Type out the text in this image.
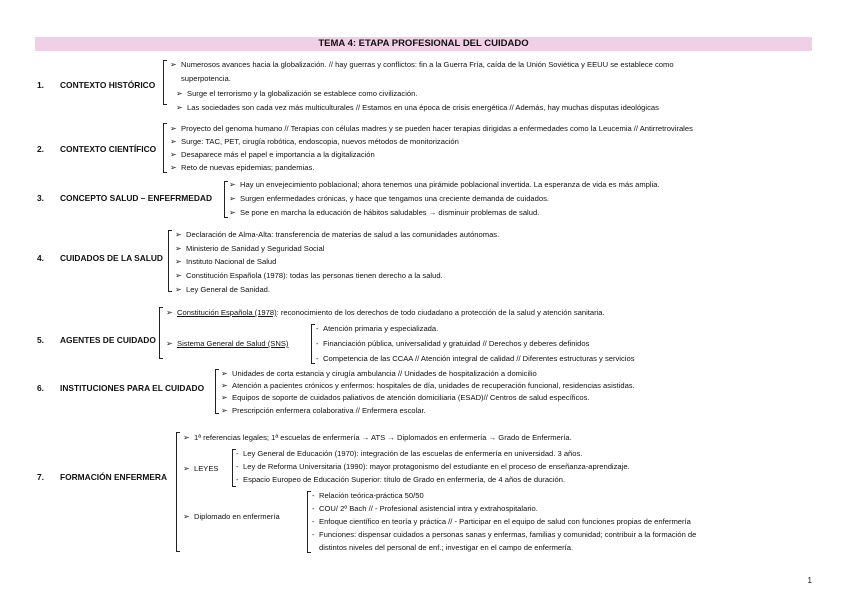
TEMA 4: ETAPA PROFESIONAL DEL CUIDADO
1. CONTEXTO HISTÓRICO
➢ Numerosos avances hacia la globalización. // hay guerras y conflictos: fin a la Guerra Fría, caída de la Unión Soviética y EEUU se establece como
superpotencia.
➢ Surge el terrorismo y la globalización se establece como civilización.
➢ Las sociedades son cada vez más multiculturales // Estamos en una época de crisis energética // Además, hay muchas disputas ideológicas
2. CONTEXTO CIENTÍFICO
➢ Proyecto del genoma humano // Terapias con células madres y se pueden hacer terapias dirigidas a enfermedades como la Leucemia // Antirretrovirales
➢ Surge: TAC, PET, cirugía robótica, endoscopia, nuevos métodos de monitorización
➢ Desaparece más el papel e importancia a la digitalización
➢ Reto de nuevas epidemias; pandemias.
3. CONCEPTO SALUD – ENFEFRMEDAD
➢ Hay un envejecimiento poblacional; ahora tenemos una pirámide poblacional invertida. La esperanza de vida es más amplia.
➢ Surgen enfermedades crónicas, y hace que tengamos una creciente demanda de cuidados.
➢ Se pone en marcha la educación de hábitos saludables → disminuir problemas de salud.
4. CUIDADOS DE LA SALUD
➢ Declaración de Alma-Alta: transferencia de materias de salud a las comunidades autónomas.
➢ Ministerio de Sanidad y Seguridad Social
➢ Instituto Nacional de Salud
➢ Constitución Española (1978): todas las personas tienen derecho a la salud.
➢ Ley General de Sanidad.
5. AGENTES DE CUIDADO
➢ Constitución Española (1978): reconocimiento de los derechos de todo ciudadano a protección de la salud y atención sanitaria.
➢ Sistema General de Salud (SNS)
- Atención primaria y especializada.
- Financiación pública, universalidad y gratuidad // Derechos y deberes definidos
- Competencia de las CCAA // Atención integral de calidad // Diferentes estructuras y servicios
6. INSTITUCIONES PARA EL CUIDADO
➢ Unidades de corta estancia y cirugía ambulancia // Unidades de hospitalización a domicilio
➢ Atención a pacientes crónicos y enfermos: hospitales de día, unidades de recuperación funcional, residencias asistidas.
➢ Equipos de soporte de cuidados paliativos de atención domiciliaria (ESAD)// Centros de salud específicos.
➢ Prescripción enfermera colaborativa // Enfermera escolar.
7. FORMACIÓN ENFERMERA
➢ 1ª referencias legales; 1ª escuelas de enfermería → ATS → Diplomados en enfermería → Grado de Enfermería.
➢ LEYES
- Ley General de Educación (1970): integración de las escuelas de enfermería en universidad. 3 años.
- Ley de Reforma Universitaria (1990): mayor protagonismo del estudiante en el proceso de enseñanza-aprendizaje.
- Espacio Europeo de Educación Superior: título de Grado en enfermería, de 4 años de duración.
➢ Diplomado en enfermería
- Relación teórica-práctica 50/50
- COU/ 2º Bach // - Profesional asistencial intra y extrahospitalario.
- Enfoque científico en teoría y práctica // - Participar en el equipo de salud con funciones propias de enfermería
- Funciones: dispensar cuidados a personas sanas y enfermas, familias y comunidad; contribuir a la formación de
distintos niveles del personal de enf.; investigar en el campo de enfermería.
1
